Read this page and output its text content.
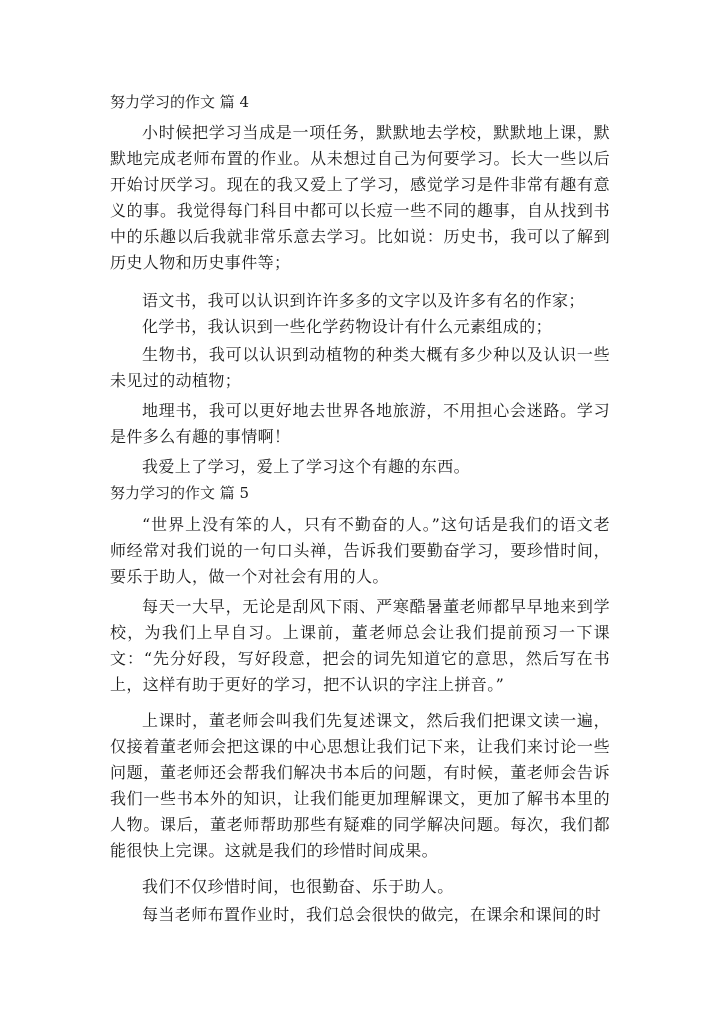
努力学习的作文 篇 4

小时候把学习当成是一项任务，默默地去学校，默默地上课，默默地完成老师布置的作业。从未想过自己为何要学习。长大一些以后开始讨厌学习。现在的我又爱上了学习，感觉学习是件非常有趣有意义的事。我觉得每门科目中都可以长痘一些不同的趣事，自从找到书中的乐趣以后我就非常乐意去学习。比如说：历史书，我可以了解到历史人物和历史事件等；

语文书，我可以认识到许许多多的文字以及许多有名的作家；

化学书，我认识到一些化学药物设计有什么元素组成的；

生物书，我可以认识到动植物的种类大概有多少种以及认识一些未见过的动植物；

地理书，我可以更好地去世界各地旅游，不用担心会迷路。学习是件多么有趣的事情啊！

我爱上了学习，爱上了学习这个有趣的东西。

努力学习的作文 篇 5

“世界上没有笨的人，只有不勤奋的人。”这句话是我们的语文老师经常对我们说的一句口头禅，告诉我们要勤奋学习，要珍惜时间，要乐于助人，做一个对社会有用的人。

每天一大早，无论是刮风下雨、严寒酷暑董老师都早早地来到学校，为我们上早自习。上课前，董老师总会让我们提前预习一下课文：“先分好段，写好段意，把会的词先知道它的意思，然后写在书上，这样有助于更好的学习，把不认识的字注上拼音。”

上课时，董老师会叫我们先复述课文，然后我们把课文读一遍，仅接着董老师会把这课的中心思想让我们记下来，让我们来讨论一些问题，董老师还会帮我们解决书本后的问题，有时候，董老师会告诉我们一些书本外的知识，让我们能更加理解课文，更加了解书本里的人物。课后，董老师帮助那些有疑难的同学解决问题。每次，我们都能很快上完课。这就是我们的珍惜时间成果。

我们不仅珍惜时间，也很勤奋、乐于助人。

每当老师布置作业时，我们总会很快的做完，在课余和课间的时
